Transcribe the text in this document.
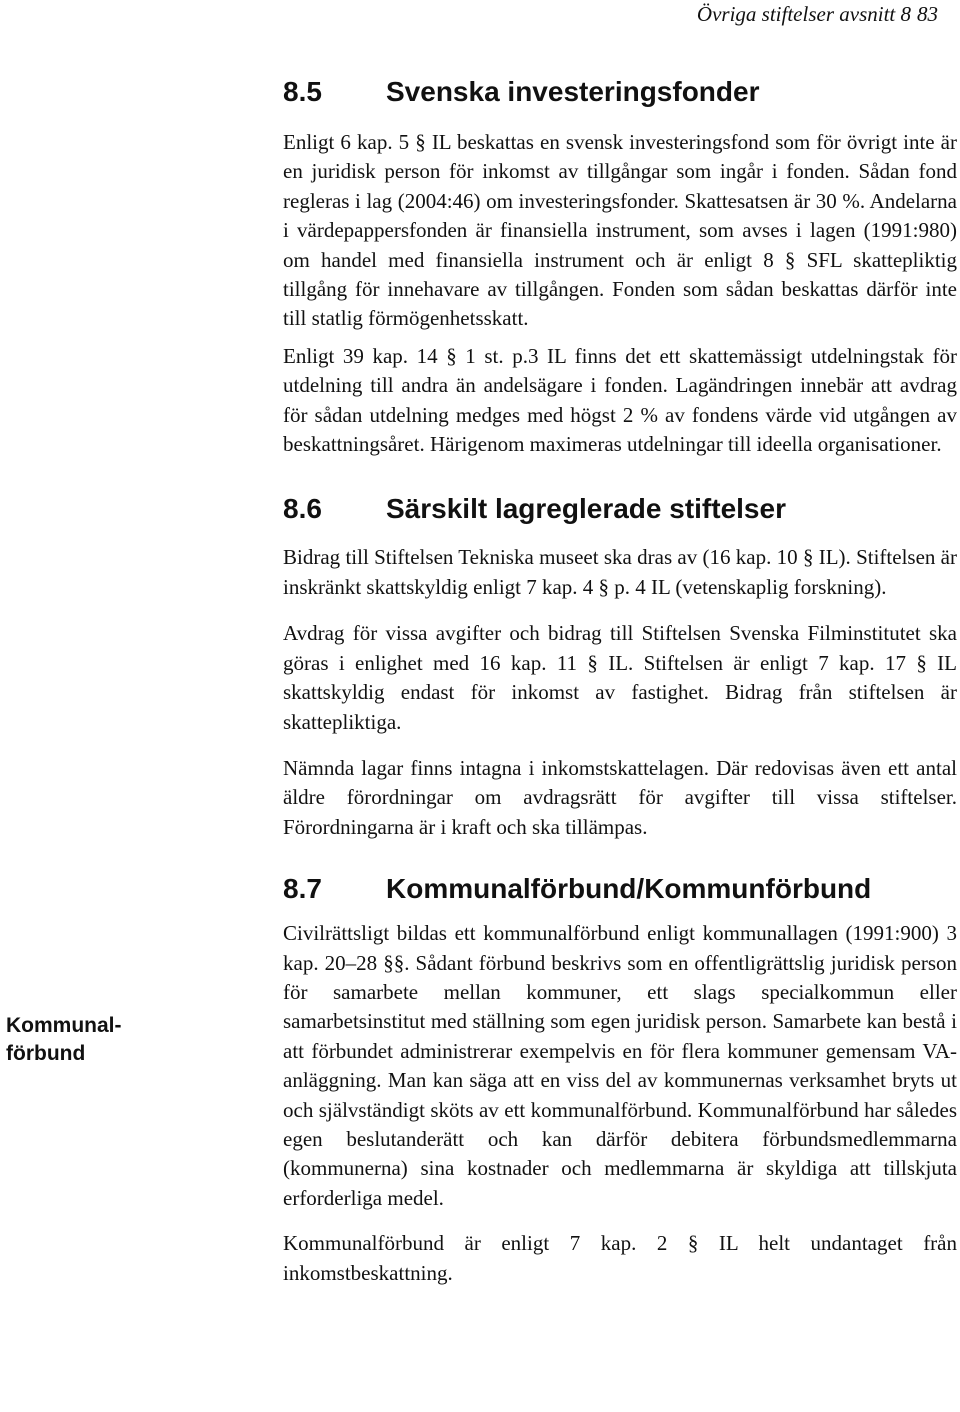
Övriga stiftelser avsnitt 8 83
Kommunal-
förbund
8.5 Svenska investeringsfonder

Enligt 6 kap. 5 § IL beskattas en svensk investeringsfond som för övrigt inte är en juridisk person för inkomst av tillgångar som ingår i fonden. Sådan fond regleras i lag (2004:46) om investeringsfonder. Skattesatsen är 30 %. Andelarna i värdepappersfonden är finansiella instrument, som avses i lagen (1991:980) om handel med finansiella instrument och är enligt 8 § SFL skattepliktig tillgång för innehavare av tillgången. Fonden som sådan beskattas därför inte till statlig förmögenhetsskatt.

Enligt 39 kap. 14 § 1 st. p.3 IL finns det ett skattemässigt utdelningstak för utdelning till andra än andelsägare i fonden. Lagändringen innebär att avdrag för sådan utdelning medges med högst 2 % av fondens värde vid utgången av beskattningsåret. Härigenom maximeras utdelningar till ideella organisationer.

8.6 Särskilt lagreglerade stiftelser

Bidrag till Stiftelsen Tekniska museet ska dras av (16 kap. 10 § IL). Stiftelsen är inskränkt skattskyldig enligt 7 kap. 4 § p. 4 IL (vetenskaplig forskning).

Avdrag för vissa avgifter och bidrag till Stiftelsen Svenska Filminstitutet ska göras i enlighet med 16 kap. 11 § IL. Stiftelsen är enligt 7 kap. 17 § IL skattskyldig endast för inkomst av fastighet. Bidrag från stiftelsen är skattepliktiga.

Nämnda lagar finns intagna i inkomstskattelagen. Där redovisas även ett antal äldre förordningar om avdragsrätt för avgifter till vissa stiftelser. Förordningarna är i kraft och ska tillämpas.

8.7 Kommunalförbund/Kommunförbund

Civilrättsligt bildas ett kommunalförbund enligt kommunallagen (1991:900) 3 kap. 20–28 §§. Sådant förbund beskrivs som en offentligrättslig juridisk person för samarbete mellan kommuner, ett slags specialkommun eller samarbetsinstitut med ställning som egen juridisk person. Samarbete kan bestå i att förbundet administrerar exempelvis en för flera kommuner gemensam VA-anläggning. Man kan säga att en viss del av kommunernas verksamhet bryts ut och självständigt sköts av ett kommunalförbund. Kommunalförbund har således egen beslutanderätt och kan därför debitera förbundsmedlemmarna (kommunerna) sina kostnader och medlemmarna är skyldiga att tillskjuta erforderliga medel.

Kommunalförbund är enligt 7 kap. 2 § IL helt undantaget från inkomstbeskattning.
